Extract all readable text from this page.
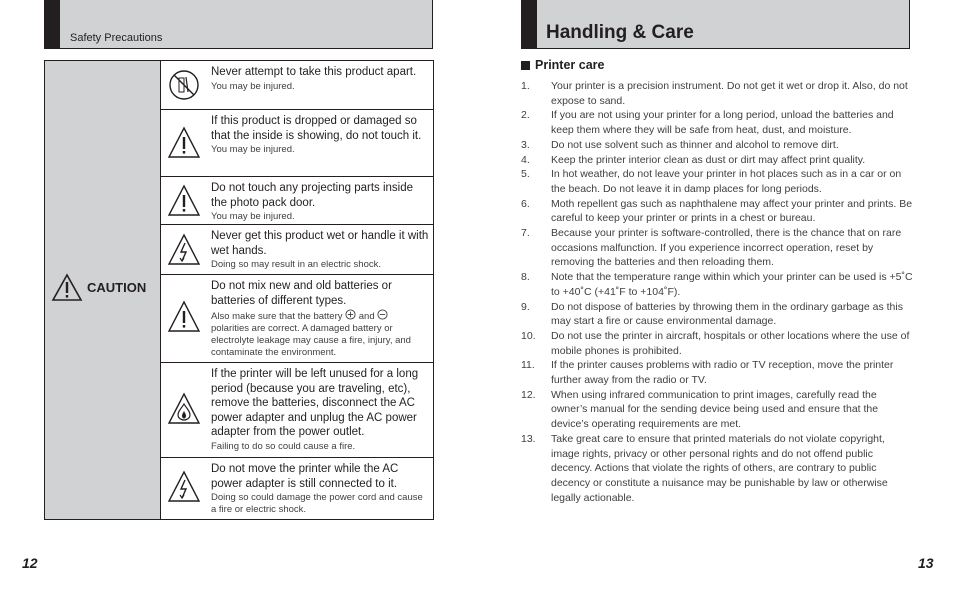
Safety Precautions
CAUTION
Never attempt to take this product apart.
You may be injured.
If this product is dropped or damaged so that the inside is showing, do not touch it.
You may be injured.
Do not touch any projecting parts inside the photo pack door.
You may be injured.
Never get this product wet or handle it with wet hands.
Doing so may result in an electric shock.
Do not mix new and old batteries or batteries of different types.
Also make sure that the battery  and
polarities are correct. A damaged battery or electrolyte leakage may cause a fire, injury, and contaminate the environment.
If the printer will be left unused for a long period (because you are traveling, etc), remove the batteries, disconnect the AC power adapter and unplug the AC power adapter from the power outlet.
Failing to do so could cause a fire.
Do not move the printer while the AC power adapter is still connected to it.
Doing so could damage the power cord and cause a fire or electric shock.
12
Handling & Care
Printer care
1. Your printer is a precision instrument. Do not get it wet or drop it. Also, do not expose to sand.
2. If you are not using your printer for a long period, unload the batteries and keep them where they will be safe from heat, dust, and moisture.
3. Do not use solvent such as thinner and alcohol to remove dirt.
4. Keep the printer interior clean as dust or dirt may affect print quality.
5. In hot weather, do not leave your printer in hot places such as in a car or on the beach. Do not leave it in damp places for long periods.
6. Moth repellent gas such as naphthalene may affect your printer and prints. Be careful to keep your printer or prints in a chest or bureau.
7. Because your printer is software-controlled, there is the chance that on rare occasions malfunction. If you experience incorrect operation, reset by removing the batteries and then reloading them.
8. Note that the temperature range within which your printer can be used is +5˚C to +40˚C (+41˚F to +104˚F).
9. Do not dispose of batteries by throwing them in the ordinary garbage as this may start a fire or cause environmental damage.
10. Do not use the printer in aircraft, hospitals or other locations where the use of mobile phones is prohibited.
11. If the printer causes problems with radio or TV reception, move the printer further away from the radio or TV.
12. When using infrared communication to print images, carefully read the owner’s manual for the sending device being used and ensure that the device’s operating requirements are met.
13. Take great care to ensure that printed materials do not violate copyright, image rights, privacy or other personal rights and do not offend public decency. Actions that violate the rights of others, are contrary to public decency or constitute a nuisance may be punishable by law or otherwise legally actionable.
13
